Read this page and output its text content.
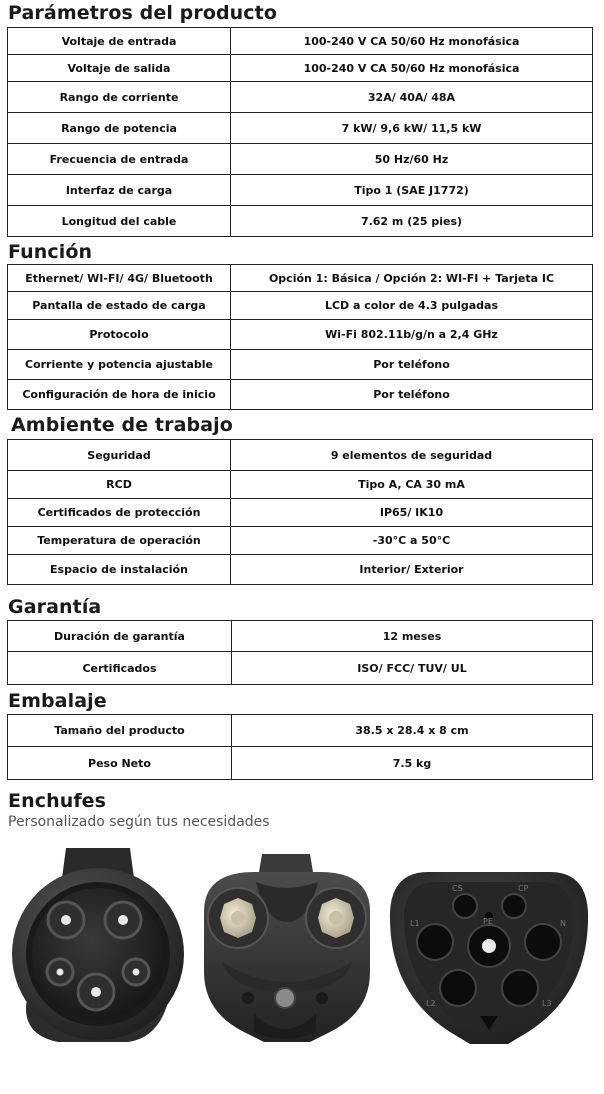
Parámetros del producto
Voltaje de entrada	100-240 V CA 50/60 Hz monofásica
Voltaje de salida	100-240 V CA 50/60 Hz monofásica
Rango de corriente	32A/ 40A/ 48A
Rango de potencia	7 kW/ 9,6 kW/ 11,5 kW
Frecuencia de entrada	50 Hz/60 Hz
Interfaz de carga	Tipo 1 (SAE J1772)
Longitud del cable	7.62 m (25 pies)
Función
Ethernet/ WI-FI/ 4G/ Bluetooth	Opción 1: Básica / Opción 2: WI-FI + Tarjeta IC
Pantalla de estado de carga	LCD a color de 4.3 pulgadas
Protocolo	Wi-Fi 802.11b/g/n a 2,4 GHz
Corriente y potencia ajustable	Por teléfono
Configuración de hora de inicio	Por teléfono
Ambiente de trabajo
Seguridad	9 elementos de seguridad
RCD	Tipo A, CA 30 mA
Certificados de protección	IP65/ IK10
Temperatura de operación	-30°C a 50°C
Espacio de instalación	Interior/ Exterior
Garantía
Duración de garantía	12 meses
Certificados	ISO/ FCC/ TUV/ UL
Embalaje
Tamaño del producto	38.5 x 28.4 x 8 cm
Peso Neto	7.5 kg
Enchufes

Personalizado según tus necesidades

CS	CP
PE
L1	N
L2	L3
